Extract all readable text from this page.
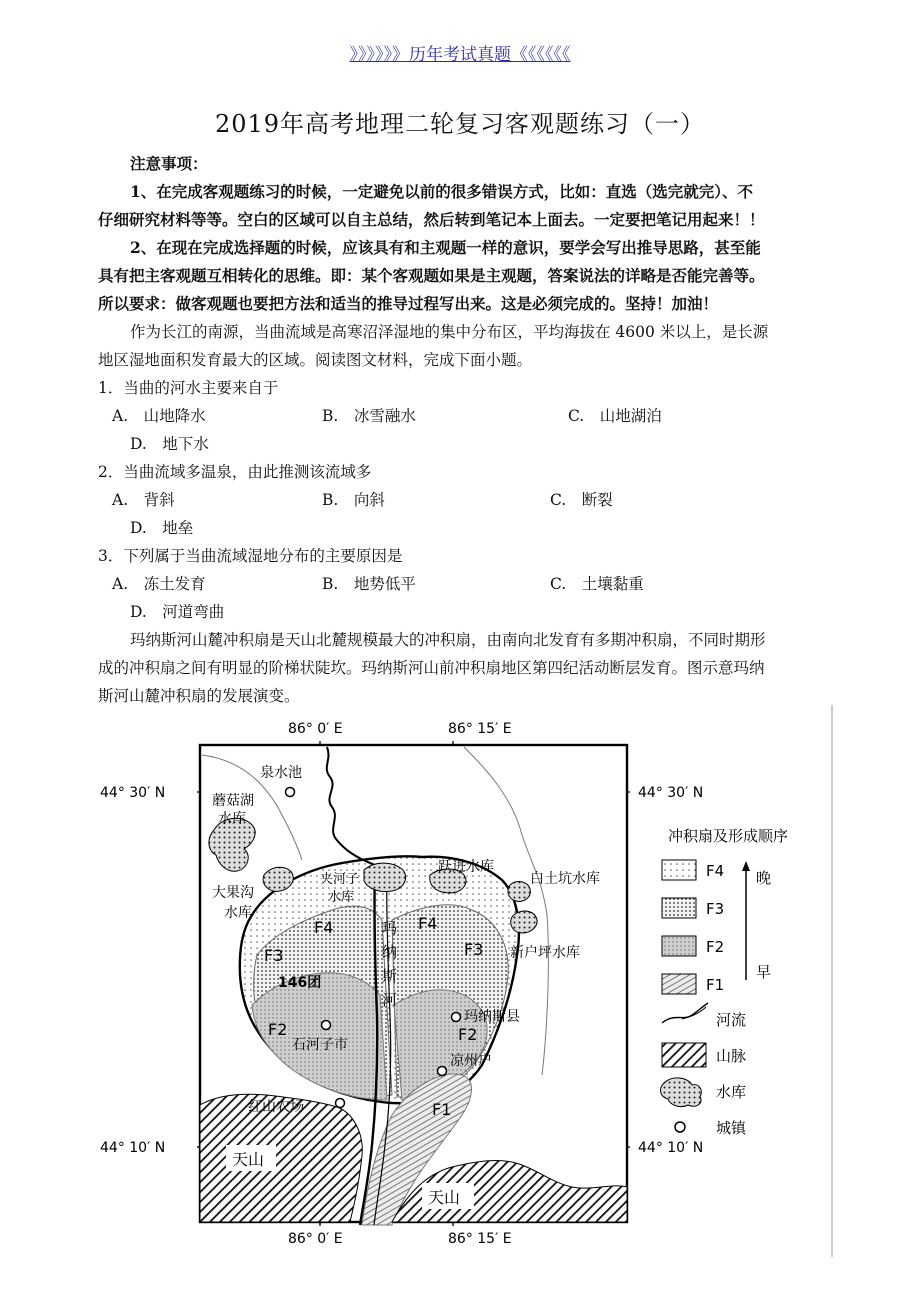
》》》》》》历年考试真题《《《《《《
2019年高考地理二轮复习客观题练习（一）
注意事项：
1、在完成客观题练习的时候，一定避免以前的很多错误方式，比如：直选（选完就完）、不
仔细研究材料等等。空白的区域可以自主总结，然后转到笔记本上面去。一定要把笔记用起来！！
2、在现在完成选择题的时候，应该具有和主观题一样的意识，要学会写出推导思路，甚至能
具有把主客观题互相转化的思维。即：某个客观题如果是主观题，答案说法的详略是否能完善等。
所以要求：做客观题也要把方法和适当的推导过程写出来。这是必须完成的。坚持！加油！
作为长江的南源，当曲流域是高寒沼泽湿地的集中分布区，平均海拔在 4600 米以上，是长源
地区湿地面积发育最大的区域。阅读图文材料，完成下面小题。
1．当曲的河水主要来自于
A.　山地降水	B.　冰雪融水	C.　山地湖泊
D.　地下水
2．当曲流域多温泉，由此推测该流域多
A.　背斜	B.　向斜	C.　断裂
D.　地垒
3．下列属于当曲流域湿地分布的主要原因是
A.　冻土发育	B.　地势低平	C.　土壤黏重
D.　河道弯曲
玛纳斯河山麓冲积扇是天山北麓规模最大的冲积扇，由南向北发育有多期冲积扇，不同时期形
成的冲积扇之间有明显的阶梯状陡坎。玛纳斯河山前冲积扇地区第四纪活动断层发育。图示意玛纳
斯河山麓冲积扇的发展演变。
86° 0′ E	86° 15′ E
86° 0′ E	86° 15′ E
44° 30′ N	44° 30′ N
44° 10′ N	44° 10′ N
天山
天山
泉水池
蘑菇湖
水库
大果沟
水库
夹河子
水库
跃进水库
白土坑水库
新户坪水库
F4	F4
F3	F3
F2	F2
F1
146团
玛
纳
斯
河
玛纳斯县
石河子市
凉州户
红山农场
冲积扇及形成顺序
F4
F3
F2
F1
晚
早
河流
山脉
水库
城镇
